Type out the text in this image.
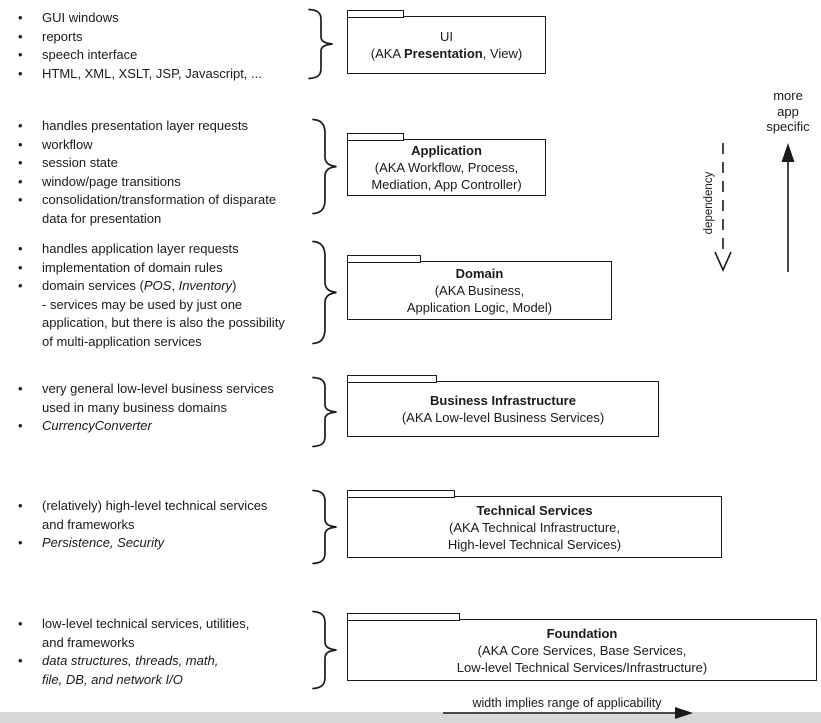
• GUI windows
• reports
• speech interface
• HTML, XML, XSLT, JSP, Javascript, ...
UI
(AKA Presentation, View)
• handles presentation layer requests
• workflow
• session state
• window/page transitions
• consolidation/transformation of disparate
data for presentation
Application
(AKA Workflow, Process,
Mediation, App Controller)
• handles application layer requests
• implementation of domain rules
• domain services (POS, Inventory)
- services may be used by just one
application, but there is also the possibility
of multi-application services
Domain
(AKA Business,
Application Logic, Model)
• very general low-level business services
used in many business domains
• CurrencyConverter
Business Infrastructure
(AKA Low-level Business Services)
• (relatively) high-level technical services
and frameworks
• Persistence, Security
Technical Services
(AKA Technical Infrastructure,
High-level Technical Services)
• low-level technical services, utilities,
and frameworks
• data structures, threads, math,
file, DB, and network I/O
Foundation
(AKA Core Services, Base Services,
Low-level Technical Services/Infrastructure)
more
app
specific
dependency
width implies range of applicability
